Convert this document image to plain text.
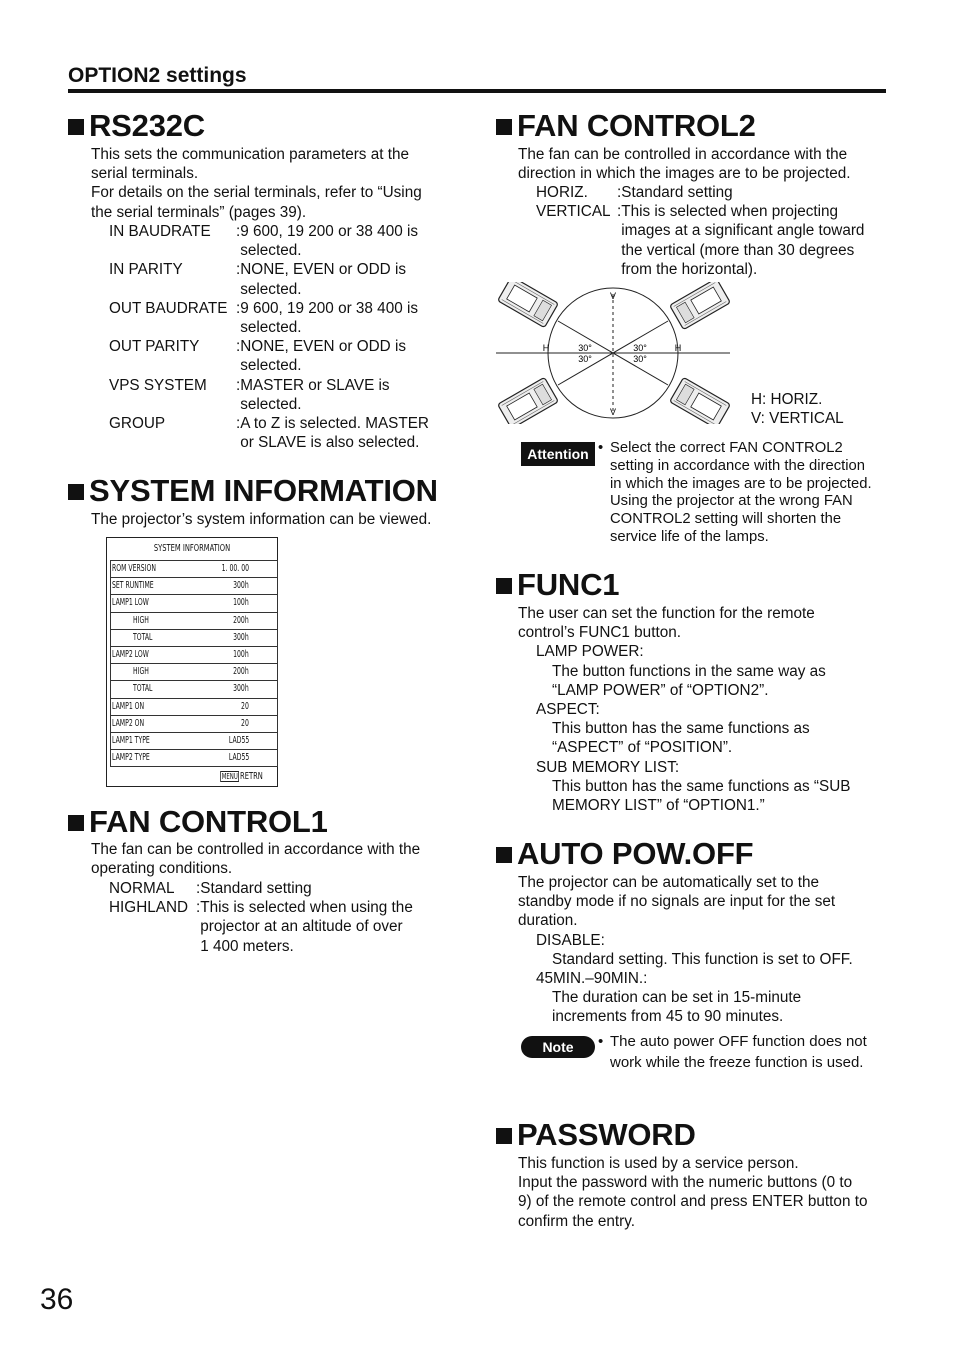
OPTION2 settings
RS232C
This sets the communication parameters at the
serial terminals.
For details on the serial terminals, refer to “Using
the serial terminals” (pages 39).
IN BAUDRATE	: 9 600, 19 200 or 38 400 is
selected.
IN PARITY	: NONE, EVEN or ODD is
selected.
OUT BAUDRATE : 9 600, 19 200 or 38 400 is
selected.
OUT PARITY	: NONE, EVEN or ODD is
selected.
VPS SYSTEM	: MASTER or SLAVE is
selected.
GROUP	: A to Z is selected. MASTER
or SLAVE is also selected.
SYSTEM INFORMATION
The projector’s system information can be viewed.
SYSTEM INFORMATION
ROM VERSION	1. 00. 00
SET RUNTIME	300h
LAMP1 LOW	100h
HIGH	200h
TOTAL	300h
LAMP2 LOW	100h
HIGH	200h
TOTAL	300h
LAMP1 ON	20
LAMP2 ON	20
LAMP1 TYPE	LAD55
LAMP2 TYPE	LAD55
MENU RETRN
FAN CONTROL1
The fan can be controlled in accordance with the
operating conditions.
NORMAL	: Standard setting
HIGHLAND : This is selected when using the
projector at an altitude of over
1 400 meters.
FAN CONTROL2
The fan can be controlled in accordance with the
direction in which the images are to be projected.
HORIZ.	: Standard setting
VERTICAL : This is selected when projecting
images at a significant angle toward
the vertical (more than 30 degrees
from the horizontal).
V
V
H	H
30°	30°
30°	30°
H: HORIZ.
V: VERTICAL
Attention • Select the correct FAN CONTROL2
setting in accordance with the direction
in which the images are to be projected.
Using the projector at the wrong FAN
CONTROL2 setting will shorten the
service life of the lamps.
FUNC1
The user can set the function for the remote
control’s FUNC1 button.
LAMP POWER:
The button functions in the same way as
“LAMP POWER” of “OPTION2”.
ASPECT:
This button has the same functions as
“ASPECT” of “POSITION”.
SUB MEMORY LIST:
This button has the same functions as “SUB
MEMORY LIST” of “OPTION1.”
AUTO POW.OFF
The projector can be automatically set to the
standby mode if no signals are input for the set
duration.
DISABLE:
Standard setting. This function is set to OFF.
45MIN.–90MIN.:
The duration can be set in 15-minute
increments from 45 to 90 minutes.
Note	• The auto power OFF function does not
work while the freeze function is used.
PASSWORD
This function is used by a service person.
Input the password with the numeric buttons (0 to
9) of the remote control and press ENTER button to
confirm the entry.
36
